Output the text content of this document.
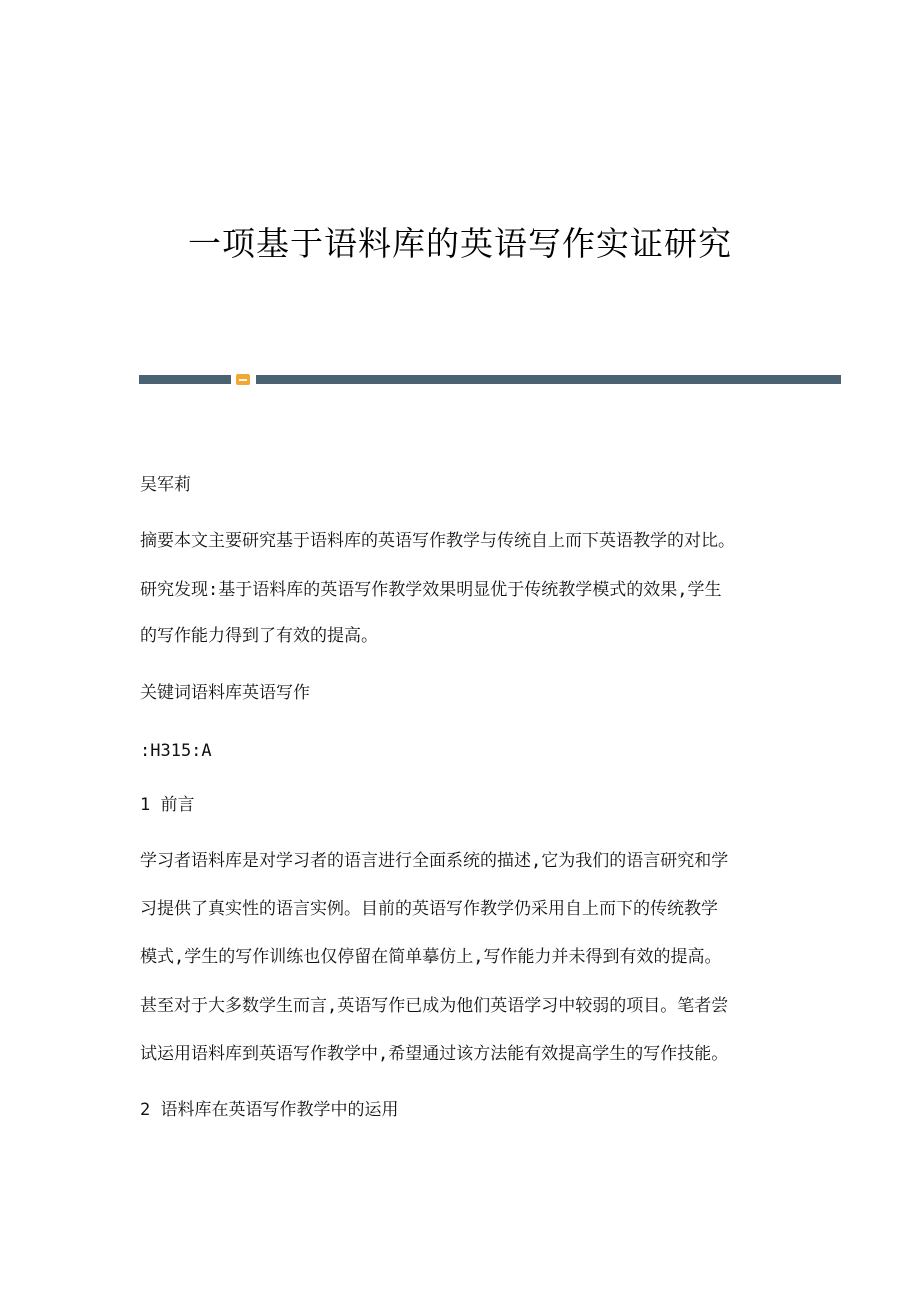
一项基于语料库的英语写作实证研究

吴军莉

摘要本文主要研究基于语料库的英语写作教学与传统自上而下英语教学的对比。

研究发现:基于语料库的英语写作教学效果明显优于传统教学模式的效果,学生

的写作能力得到了有效的提高。

关键词语料库英语写作

:H315:A

1 前言

学习者语料库是对学习者的语言进行全面系统的描述,它为我们的语言研究和学

习提供了真实性的语言实例。目前的英语写作教学仍采用自上而下的传统教学

模式,学生的写作训练也仅停留在简单摹仿上,写作能力并未得到有效的提高。

甚至对于大多数学生而言,英语写作已成为他们英语学习中较弱的项目。笔者尝

试运用语料库到英语写作教学中,希望通过该方法能有效提高学生的写作技能。

2 语料库在英语写作教学中的运用
